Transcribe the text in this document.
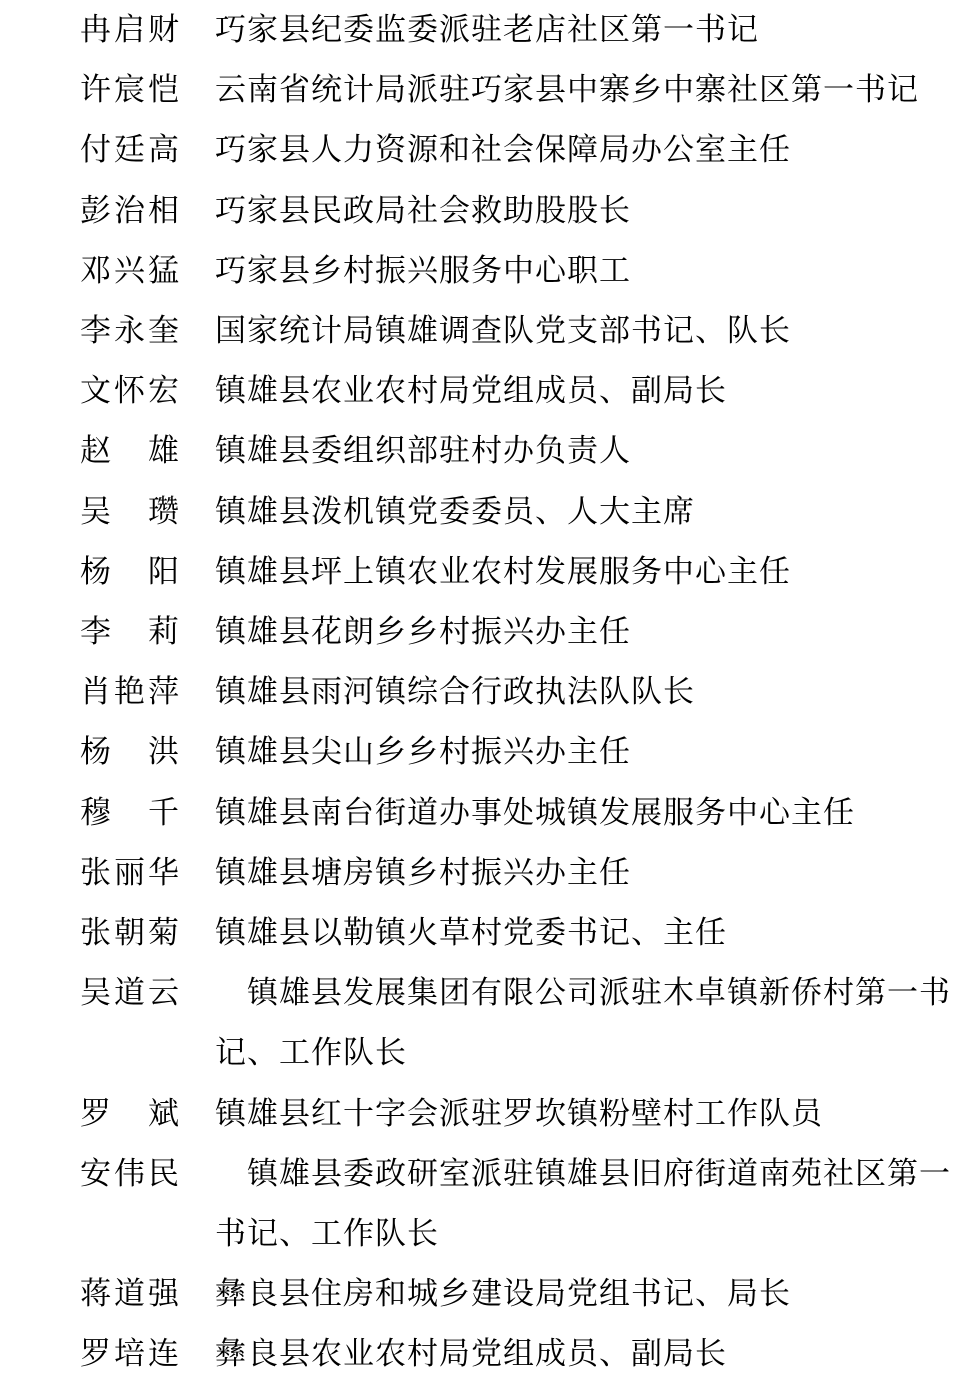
冉启财 巧家县纪委监委派驻老店社区第一书记
许宸恺 云南省统计局派驻巧家县中寨乡中寨社区第一书记
付廷高 巧家县人力资源和社会保障局办公室主任
彭治相 巧家县民政局社会救助股股长
邓兴猛 巧家县乡村振兴服务中心职工
李永奎 国家统计局镇雄调查队党支部书记、队长
文怀宏 镇雄县农业农村局党组成员、副局长
赵　雄 镇雄县委组织部驻村办负责人
吴　瓒 镇雄县泼机镇党委委员、人大主席
杨　阳 镇雄县坪上镇农业农村发展服务中心主任
李　莉 镇雄县花朗乡乡村振兴办主任
肖艳萍 镇雄县雨河镇综合行政执法队队长
杨　洪 镇雄县尖山乡乡村振兴办主任
穆　千 镇雄县南台街道办事处城镇发展服务中心主任
张丽华 镇雄县塘房镇乡村振兴办主任
张朝菊 镇雄县以勒镇火草村党委书记、主任
吴道云 　镇雄县发展集团有限公司派驻木卓镇新侨村第一书记、工作队长
罗　斌 镇雄县红十字会派驻罗坎镇粉壁村工作队员
安伟民 　镇雄县委政研室派驻镇雄县旧府街道南苑社区第一书记、工作队长
蒋道强 彝良县住房和城乡建设局党组书记、局长
罗培连 彝良县农业农村局党组成员、副局长
